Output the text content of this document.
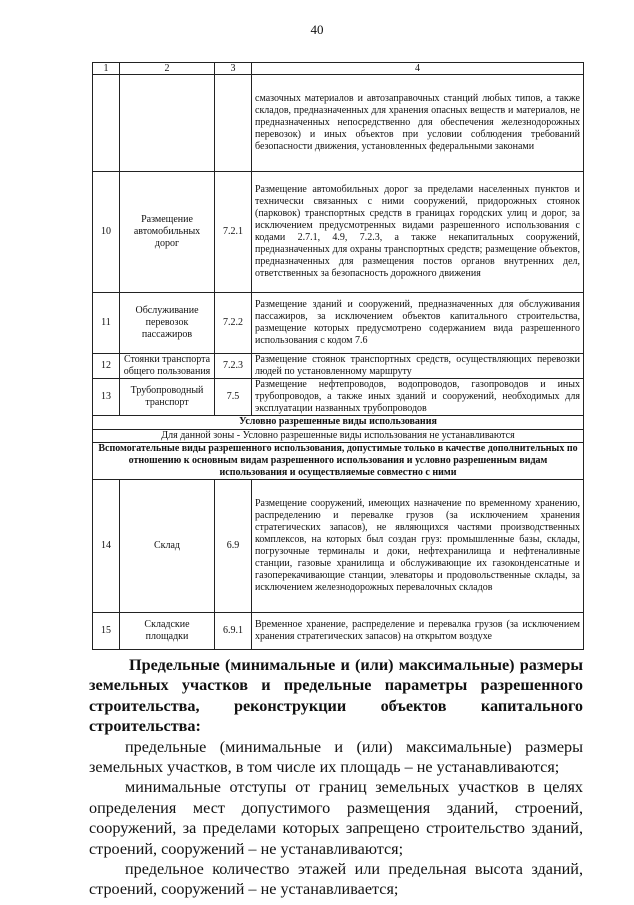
40
1	2	3	4
			смазочных материалов и автозаправочных станций любых типов, а также складов, предназначенных для хранения опасных веществ и материалов, не предназначенных непосредственно для обеспечения железнодорожных перевозок) и иных объектов при условии соблюдения требований безопасности движения, установленных федеральными законами
10	Размещение автомобильных дорог	7.2.1	Размещение автомобильных дорог за пределами населенных пунктов и технически связанных с ними сооружений, придорожных стоянок (парковок) транспортных средств в границах городских улиц и дорог, за исключением предусмотренных видами разрешенного использования с кодами 2.7.1, 4.9, 7.2.3, а также некапитальных сооружений, предназначенных для охраны транспортных средств; размещение объектов, предназначенных для размещения постов органов внутренних дел, ответственных за безопасность дорожного движения
11	Обслуживание перевозок пассажиров	7.2.2	Размещение зданий и сооружений, предназначенных для обслуживания пассажиров, за исключением объектов капитального строительства, размещение которых предусмотрено содержанием вида разрешенного использования с кодом 7.6
12	Стоянки транспорта общего пользования	7.2.3	Размещение стоянок транспортных средств, осуществляющих перевозки людей по установленному маршруту
13	Трубопроводный транспорт	7.5	Размещение нефтепроводов, водопроводов, газопроводов и иных трубопроводов, а также иных зданий и сооружений, необходимых для эксплуатации названных трубопроводов
Условно разрешенные виды использования			
Для данной зоны - Условно разрешенные виды использования не устанавливаются			
Вспомогательные виды разрешенного использования, допустимые только в качестве дополнительных по отношению к основным видам разрешенного использования и условно разрешенным видам использования и осуществляемые совместно с ними			
14	Склад	6.9	Размещение сооружений, имеющих назначение по временному хранению, распределению и перевалке грузов (за исключением хранения стратегических запасов), не являющихся частями производственных комплексов, на которых был создан груз: промышленные базы, склады, погрузочные терминалы и доки, нефтехранилища и нефтеналивные станции, газовые хранилища и обслуживающие их газоконденсатные и газоперекачивающие станции, элеваторы и продовольственные склады, за исключением железнодорожных перевалочных складов
15	Складские площадки	6.9.1	Временное хранение, распределение и перевалка грузов (за исключением хранения стратегических запасов) на открытом воздухе

Предельные (минимальные и (или) максимальные) размеры земельных участков и предельные параметры разрешенного строительства, реконструкции объектов капитального строительства:

предельные (минимальные и (или) максимальные) размеры земельных участков, в том числе их площадь – не устанавливаются;

минимальные отступы от границ земельных участков в целях определения мест допустимого размещения зданий, строений, сооружений, за пределами которых запрещено строительство зданий, строений, сооружений – не устанавливаются;

предельное количество этажей или предельная высота зданий, строений, сооружений – не устанавливается;
